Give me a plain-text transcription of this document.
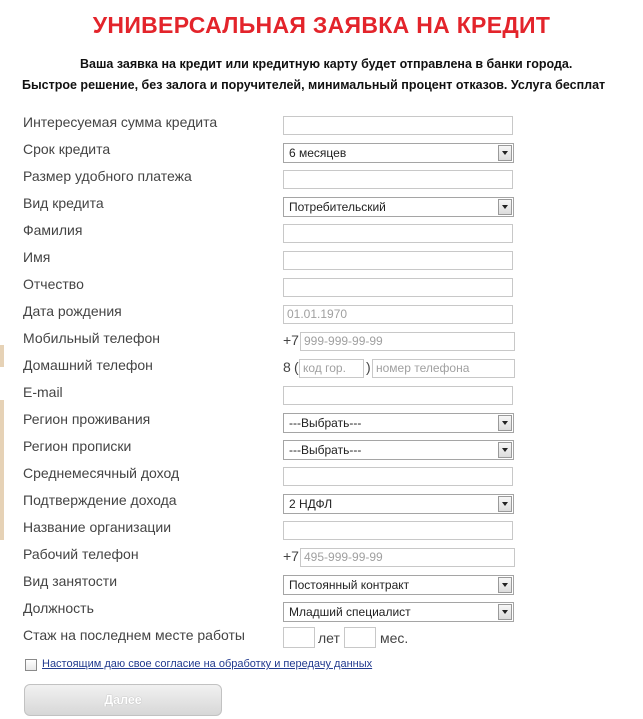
УНИВЕРСАЛЬНАЯ ЗАЯВКА НА КРЕДИТ
Ваша заявка на кредит или кредитную карту будет отправлена в банки города.
Быстрое решение, без залога и поручителей, минимальный процент отказов. Услуга бесплат
Интересуемая сумма кредита
Срок кредита	6 месяцев
Размер удобного платежа
Вид кредита	Потребительский
Фамилия
Имя
Отчество
Дата рождения	01.01.1970
Мобильный телефон	+7 999-999-99-99
Домашний телефон	8 ( код гор.	) номер телефона
E-mail
Регион проживания	---Выбрать---
Регион прописки	---Выбрать---
Среднемесячный доход
Подтверждение дохода	2 НДФЛ
Название организации
Рабочий телефон	+7 495-999-99-99
Вид занятости	Постоянный контракт
Должность	Младший специалист
Стаж на последнем месте работы	лет	мес.
Настоящим даю свое согласие на обработку и передачу данных
Далее
